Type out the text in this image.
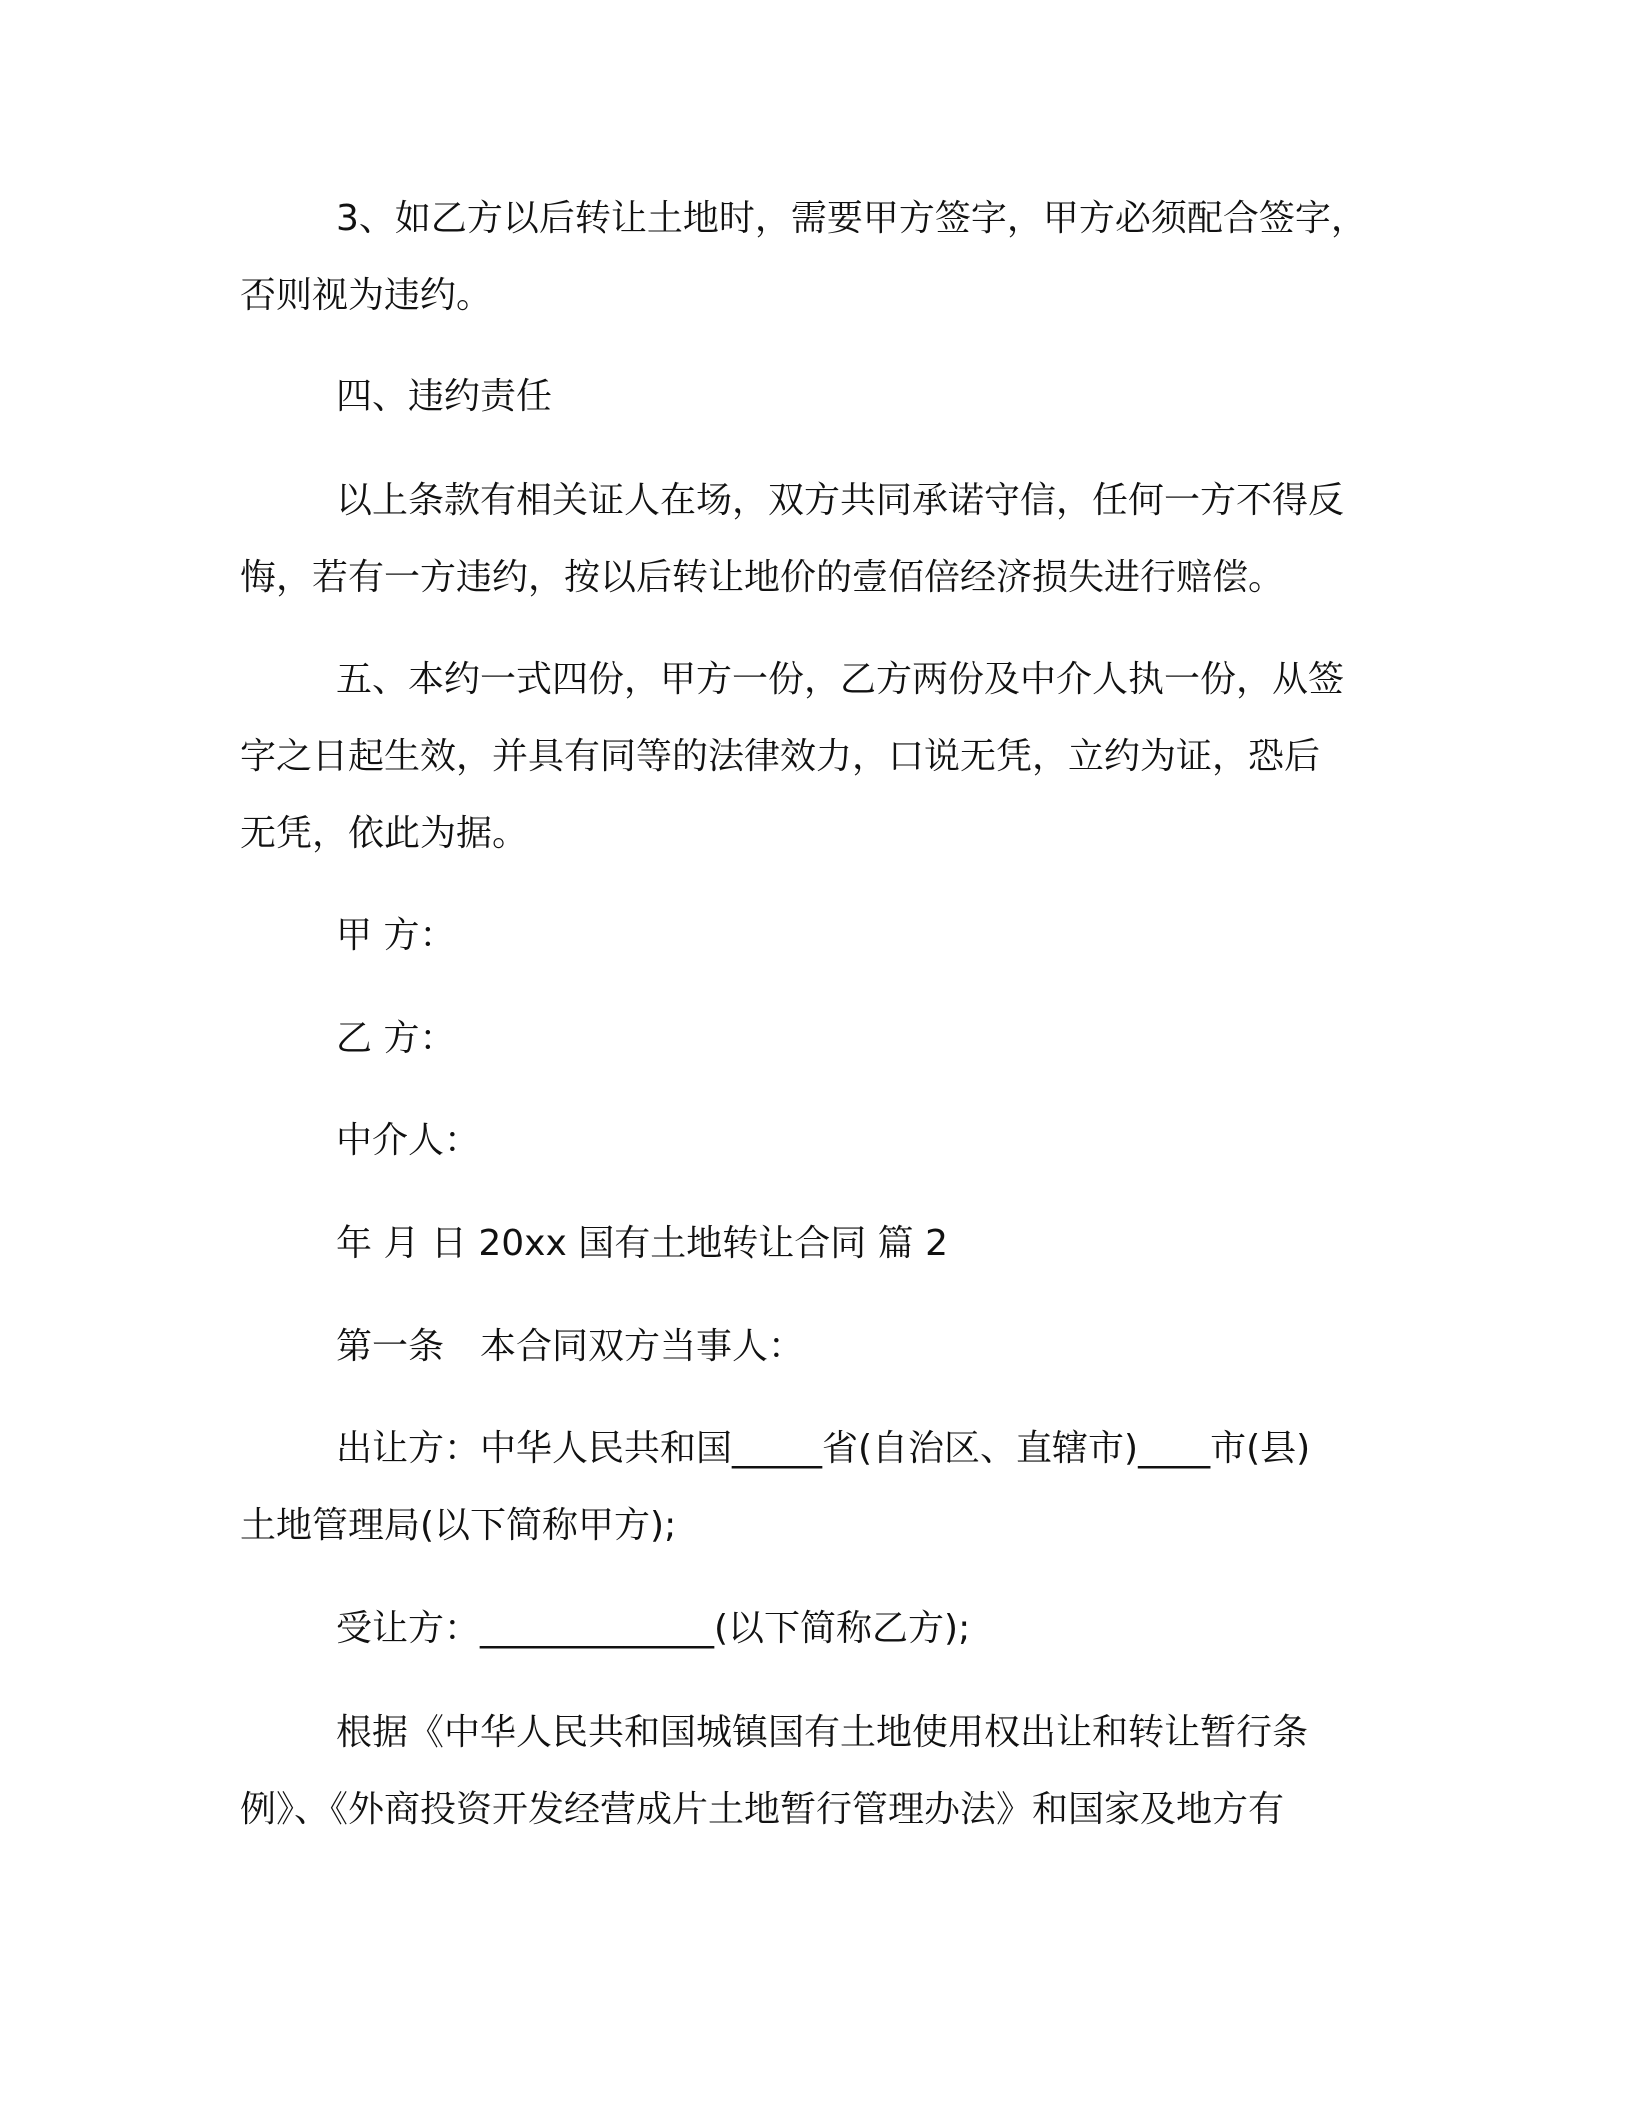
3、如乙方以后转让土地时，需要甲方签字，甲方必须配合签字，
否则视为违约。
四、违约责任
以上条款有相关证人在场，双方共同承诺守信，任何一方不得反
悔，若有一方违约，按以后转让地价的壹佰倍经济损失进行赔偿。
五、本约一式四份，甲方一份，乙方两份及中介人执一份，从签
字之日起生效，并具有同等的法律效力，口说无凭，立约为证，恐后
无凭，依此为据。
甲 方：
乙 方：
中介人：
年 月 日 20xx 国有土地转让合同 篇 2
第一条　本合同双方当事人：
出让方：中华人民共和国_____省(自治区、直辖市)____市(县)
土地管理局(以下简称甲方);
受让方：_____________(以下简称乙方);
根据《中华人民共和国城镇国有土地使用权出让和转让暂行条
例》、《外商投资开发经营成片土地暂行管理办法》和国家及地方有
